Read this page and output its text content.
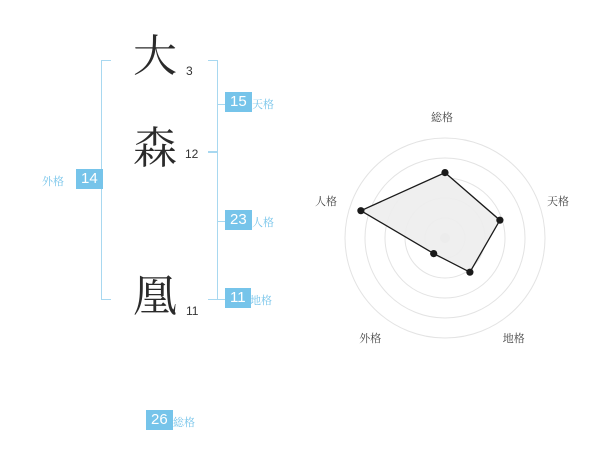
大 3
森 12
凰 11
15 天格
23 人格
11 地格
14
外格
26 総格
総格
天格
地格
外格
人格
